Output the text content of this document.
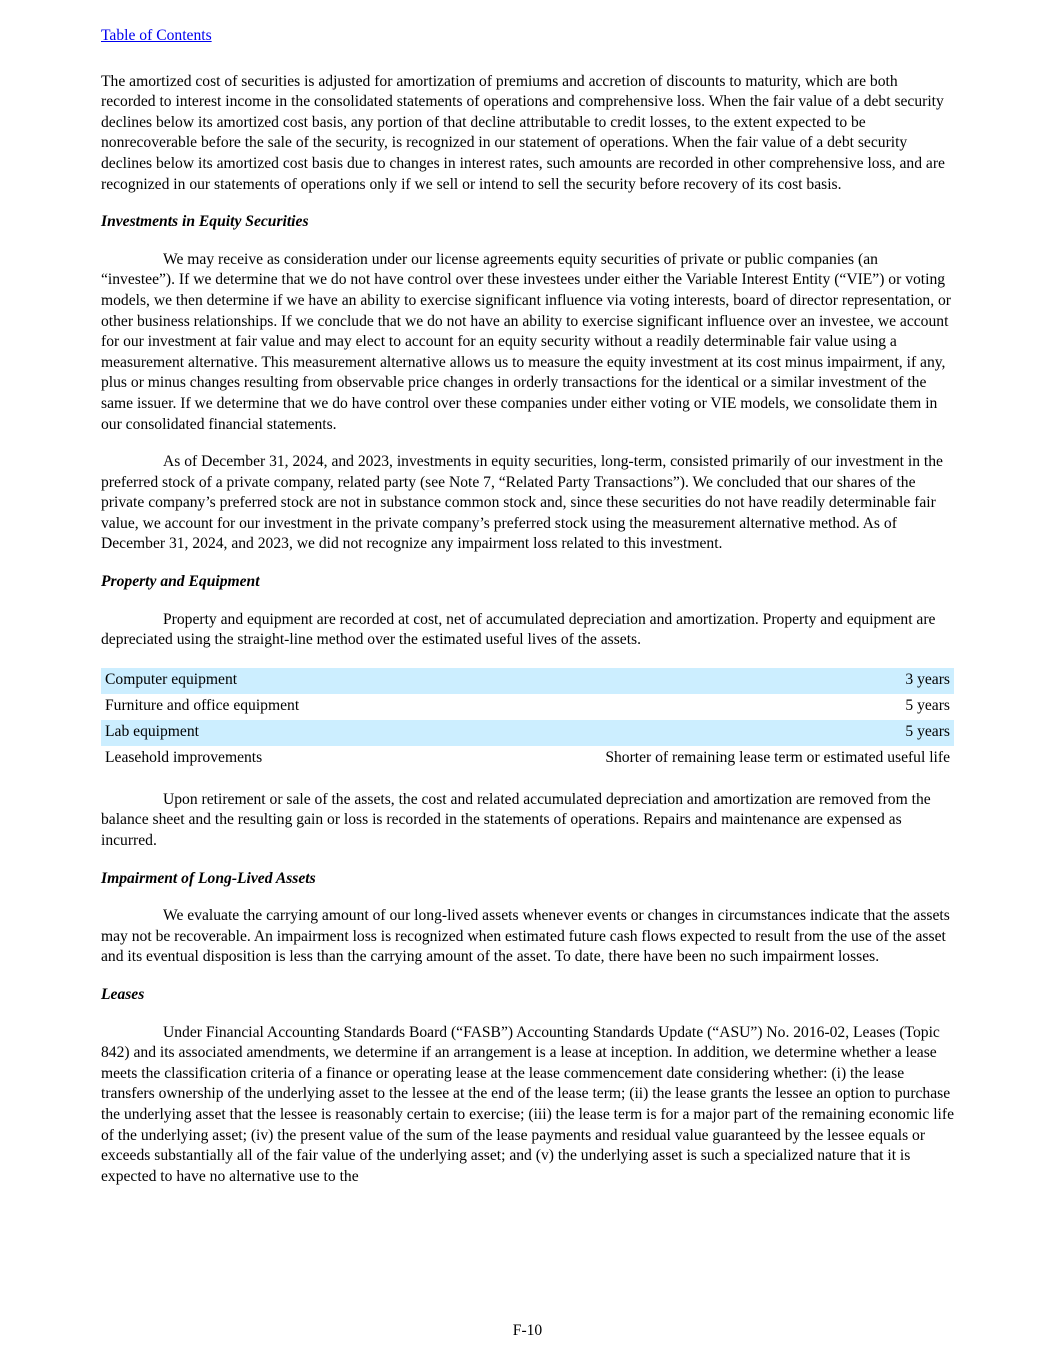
Table of Contents

The amortized cost of securities is adjusted for amortization of premiums and accretion of discounts to maturity, which are both recorded to interest income in the consolidated statements of operations and comprehensive loss. When the fair value of a debt security declines below its amortized cost basis, any portion of that decline attributable to credit losses, to the extent expected to be nonrecoverable before the sale of the security, is recognized in our statement of operations. When the fair value of a debt security declines below its amortized cost basis due to changes in interest rates, such amounts are recorded in other comprehensive loss, and are recognized in our statements of operations only if we sell or intend to sell the security before recovery of its cost basis.

Investments in Equity Securities

We may receive as consideration under our license agreements equity securities of private or public companies (an “investee”). If we determine that we do not have control over these investees under either the Variable Interest Entity (“VIE”) or voting models, we then determine if we have an ability to exercise significant influence via voting interests, board of director representation, or other business relationships. If we conclude that we do not have an ability to exercise significant influence over an investee, we account for our investment at fair value and may elect to account for an equity security without a readily determinable fair value using a measurement alternative. This measurement alternative allows us to measure the equity investment at its cost minus impairment, if any, plus or minus changes resulting from observable price changes in orderly transactions for the identical or a similar investment of the same issuer. If we determine that we do have control over these companies under either voting or VIE models, we consolidate them in our consolidated financial statements.

As of December 31, 2024, and 2023, investments in equity securities, long-term, consisted primarily of our investment in the preferred stock of a private company, related party (see Note 7, “Related Party Transactions”). We concluded that our shares of the private company’s preferred stock are not in substance common stock and, since these securities do not have readily determinable fair value, we account for our investment in the private company’s preferred stock using the measurement alternative method. As of December 31, 2024, and 2023, we did not recognize any impairment loss related to this investment.

Property and Equipment

Property and equipment are recorded at cost, net of accumulated depreciation and amortization. Property and equipment are depreciated using the straight-line method over the estimated useful lives of the assets.

Computer equipment	3 years
Furniture and office equipment	5 years
Lab equipment	5 years
Leasehold improvements	Shorter of remaining lease term or estimated useful life

Upon retirement or sale of the assets, the cost and related accumulated depreciation and amortization are removed from the balance sheet and the resulting gain or loss is recorded in the statements of operations. Repairs and maintenance are expensed as incurred.

Impairment of Long-Lived Assets

We evaluate the carrying amount of our long-lived assets whenever events or changes in circumstances indicate that the assets may not be recoverable. An impairment loss is recognized when estimated future cash flows expected to result from the use of the asset and its eventual disposition is less than the carrying amount of the asset. To date, there have been no such impairment losses.

Leases

Under Financial Accounting Standards Board (“FASB”) Accounting Standards Update (“ASU”) No. 2016-02, Leases (Topic 842) and its associated amendments, we determine if an arrangement is a lease at inception. In addition, we determine whether a lease meets the classification criteria of a finance or operating lease at the lease commencement date considering whether: (i) the lease transfers ownership of the underlying asset to the lessee at the end of the lease term; (ii) the lease grants the lessee an option to purchase the underlying asset that the lessee is reasonably certain to exercise; (iii) the lease term is for a major part of the remaining economic life of the underlying asset; (iv) the present value of the sum of the lease payments and residual value guaranteed by the lessee equals or exceeds substantially all of the fair value of the underlying asset; and (v) the underlying asset is such a specialized nature that it is expected to have no alternative use to the

F-10
